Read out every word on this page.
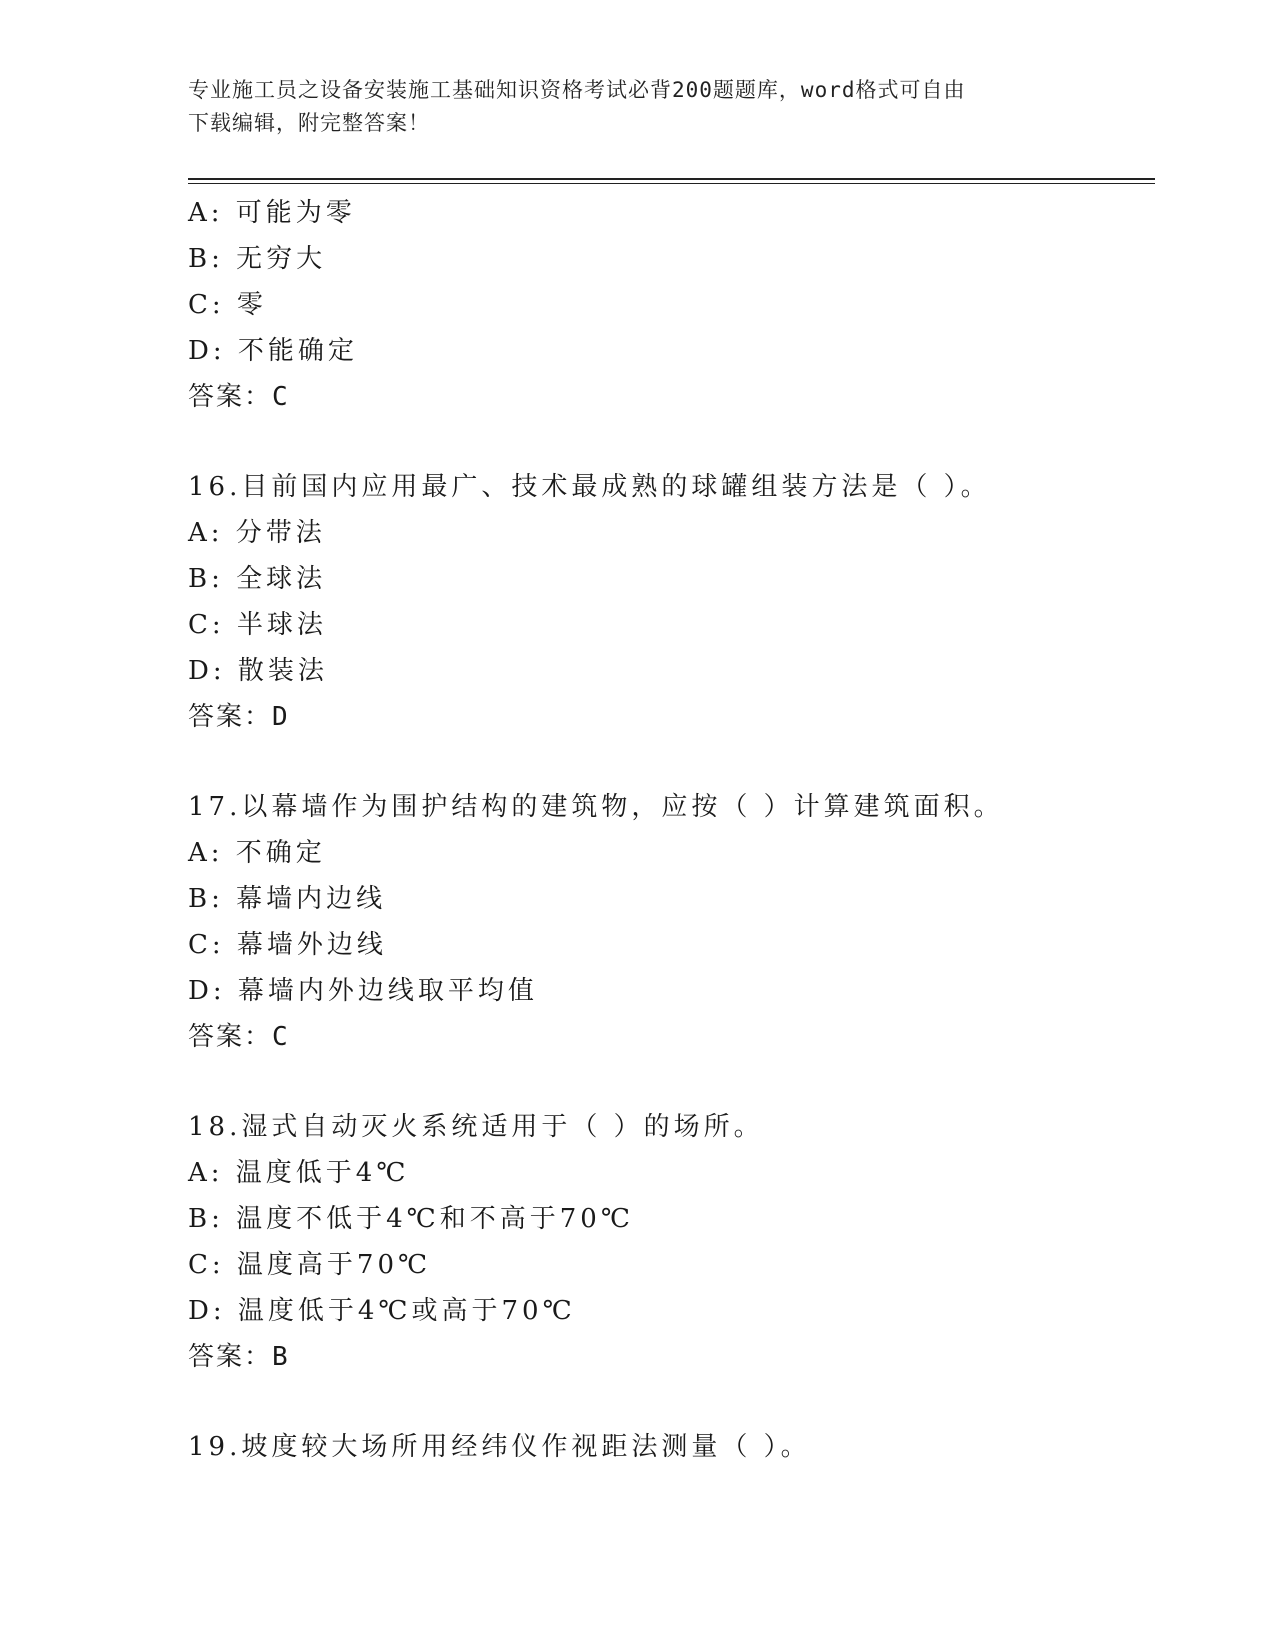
专业施工员之设备安装施工基础知识资格考试必背200题题库，word格式可自由
下载编辑，附完整答案！
A: 可能为零
B: 无穷大
C: 零
D: 不能确定
答案：C
16.目前国内应用最广、技术最成熟的球罐组装方法是（ ）。
A: 分带法
B: 全球法
C: 半球法
D: 散装法
答案：D
17.以幕墙作为围护结构的建筑物，应按（ ）计算建筑面积。
A: 不确定
B: 幕墙内边线
C: 幕墙外边线
D: 幕墙内外边线取平均值
答案：C
18.湿式自动灭火系统适用于（ ）的场所。
A: 温度低于4℃
B: 温度不低于4℃和不高于70℃
C: 温度高于70℃
D: 温度低于4℃或高于70℃
答案：B
19.坡度较大场所用经纬仪作视距法测量（ ）。
